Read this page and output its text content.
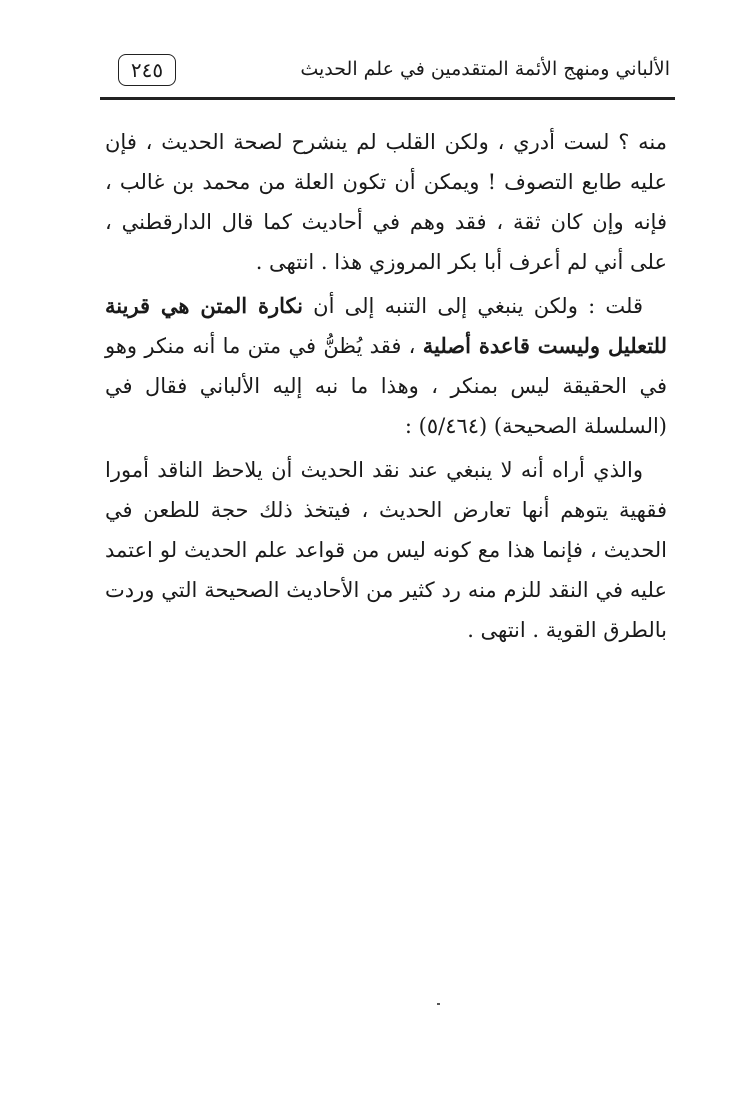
الألباني ومنهج الأئمة المتقدمين في علم الحديث
٢٤٥

منه ؟ لست أدري ، ولكن القلب لم ينشرح لصحة الحديث ، فإن عليه طابع التصوف ! ويمكن أن تكون العلة من محمد بن غالب ، فإنه وإن كان ثقة ، فقد وهم في أحاديث كما قال الدارقطني ، على أني لم أعرف أبا بكر المروزي هذا . انتهى .

قلت : ولكن ينبغي إلى التنبه إلى أن نكارة المتن هي قرينة للتعليل وليست قاعدة أصلية ، فقد يُظنُّ في متن ما أنه منكر وهو في الحقيقة ليس بمنكر ، وهذا ما نبه إليه الألباني فقال في (السلسلة الصحيحة) (٥/٤٦٤) :

والذي أراه أنه لا ينبغي عند نقد الحديث أن يلاحظ الناقد أمورا فقهية يتوهم أنها تعارض الحديث ، فيتخذ ذلك حجة للطعن في الحديث ، فإنما هذا مع كونه ليس من قواعد علم الحديث لو اعتمد عليه في النقد للزم منه رد كثير من الأحاديث الصحيحة التي وردت بالطرق القوية . انتهى .
